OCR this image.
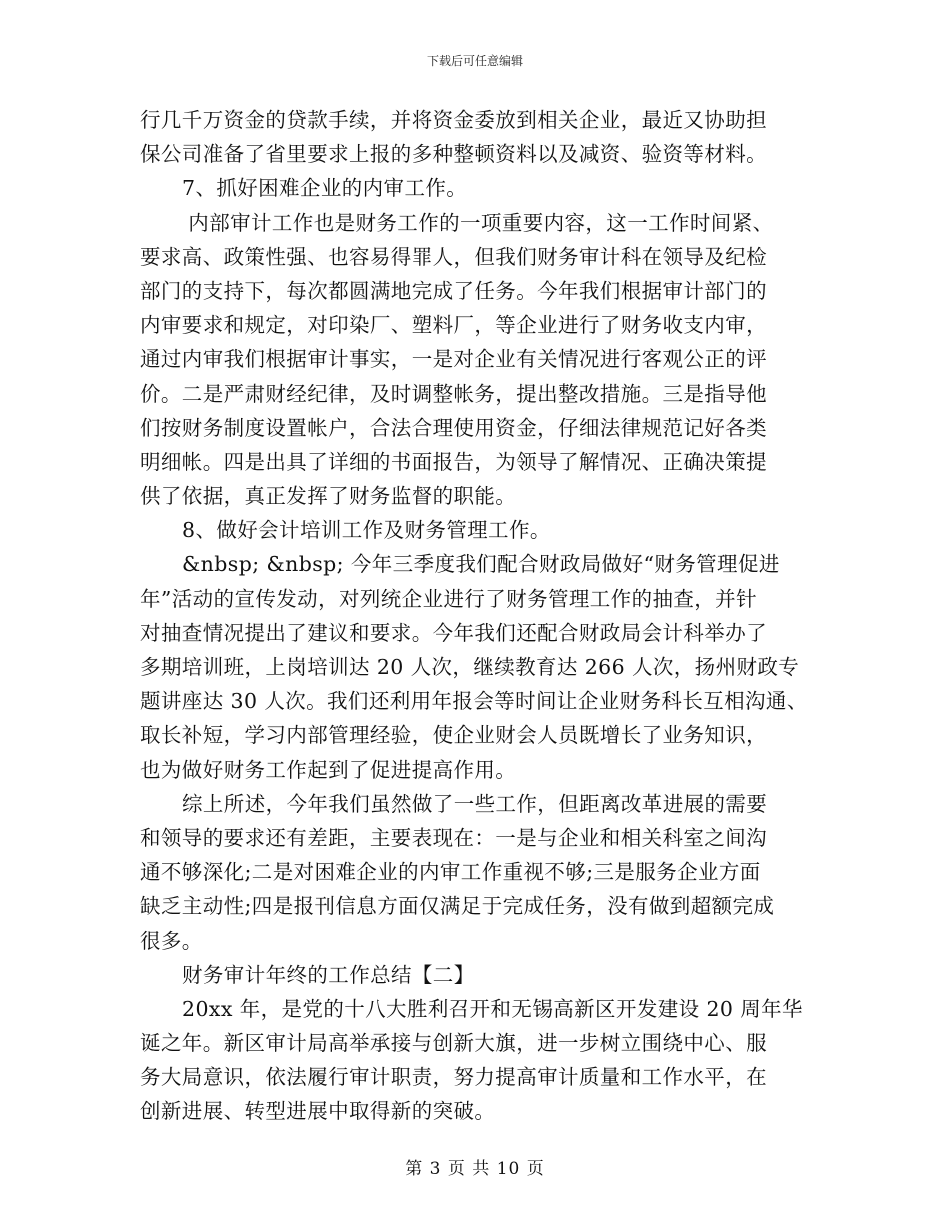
下载后可任意编辑
行几千万资金的贷款手续，并将资金委放到相关企业，最近又协助担
保公司准备了省里要求上报的多种整顿资料以及减资、验资等材料。
7、抓好困难企业的内审工作。
内部审计工作也是财务工作的一项重要内容，这一工作时间紧、
要求高、政策性强、也容易得罪人，但我们财务审计科在领导及纪检
部门的支持下，每次都圆满地完成了任务。今年我们根据审计部门的
内审要求和规定，对印染厂、塑料厂，等企业进行了财务收支内审，
通过内审我们根据审计事实，一是对企业有关情况进行客观公正的评
价。二是严肃财经纪律，及时调整帐务，提出整改措施。三是指导他
们按财务制度设置帐户，合法合理使用资金，仔细法律规范记好各类
明细帐。四是出具了详细的书面报告，为领导了解情况、正确决策提
供了依据，真正发挥了财务监督的职能。
8、做好会计培训工作及财务管理工作。
&nbsp; &nbsp; 今年三季度我们配合财政局做好“财务管理促进
年”活动的宣传发动，对列统企业进行了财务管理工作的抽查，并针
对抽查情况提出了建议和要求。今年我们还配合财政局会计科举办了
多期培训班，上岗培训达 20 人次，继续教育达 266 人次，扬州财政专
题讲座达 30 人次。我们还利用年报会等时间让企业财务科长互相沟通、
取长补短，学习内部管理经验，使企业财会人员既增长了业务知识，
也为做好财务工作起到了促进提高作用。
综上所述，今年我们虽然做了一些工作，但距离改革进展的需要
和领导的要求还有差距，主要表现在：一是与企业和相关科室之间沟
通不够深化;二是对困难企业的内审工作重视不够;三是服务企业方面
缺乏主动性;四是报刊信息方面仅满足于完成任务，没有做到超额完成
很多。
财务审计年终的工作总结【二】
20xx 年，是党的十八大胜利召开和无锡高新区开发建设 20 周年华
诞之年。新区审计局高举承接与创新大旗，进一步树立围绕中心、服
务大局意识，依法履行审计职责，努力提高审计质量和工作水平，在
创新进展、转型进展中取得新的突破。
第 3 页 共 10 页
